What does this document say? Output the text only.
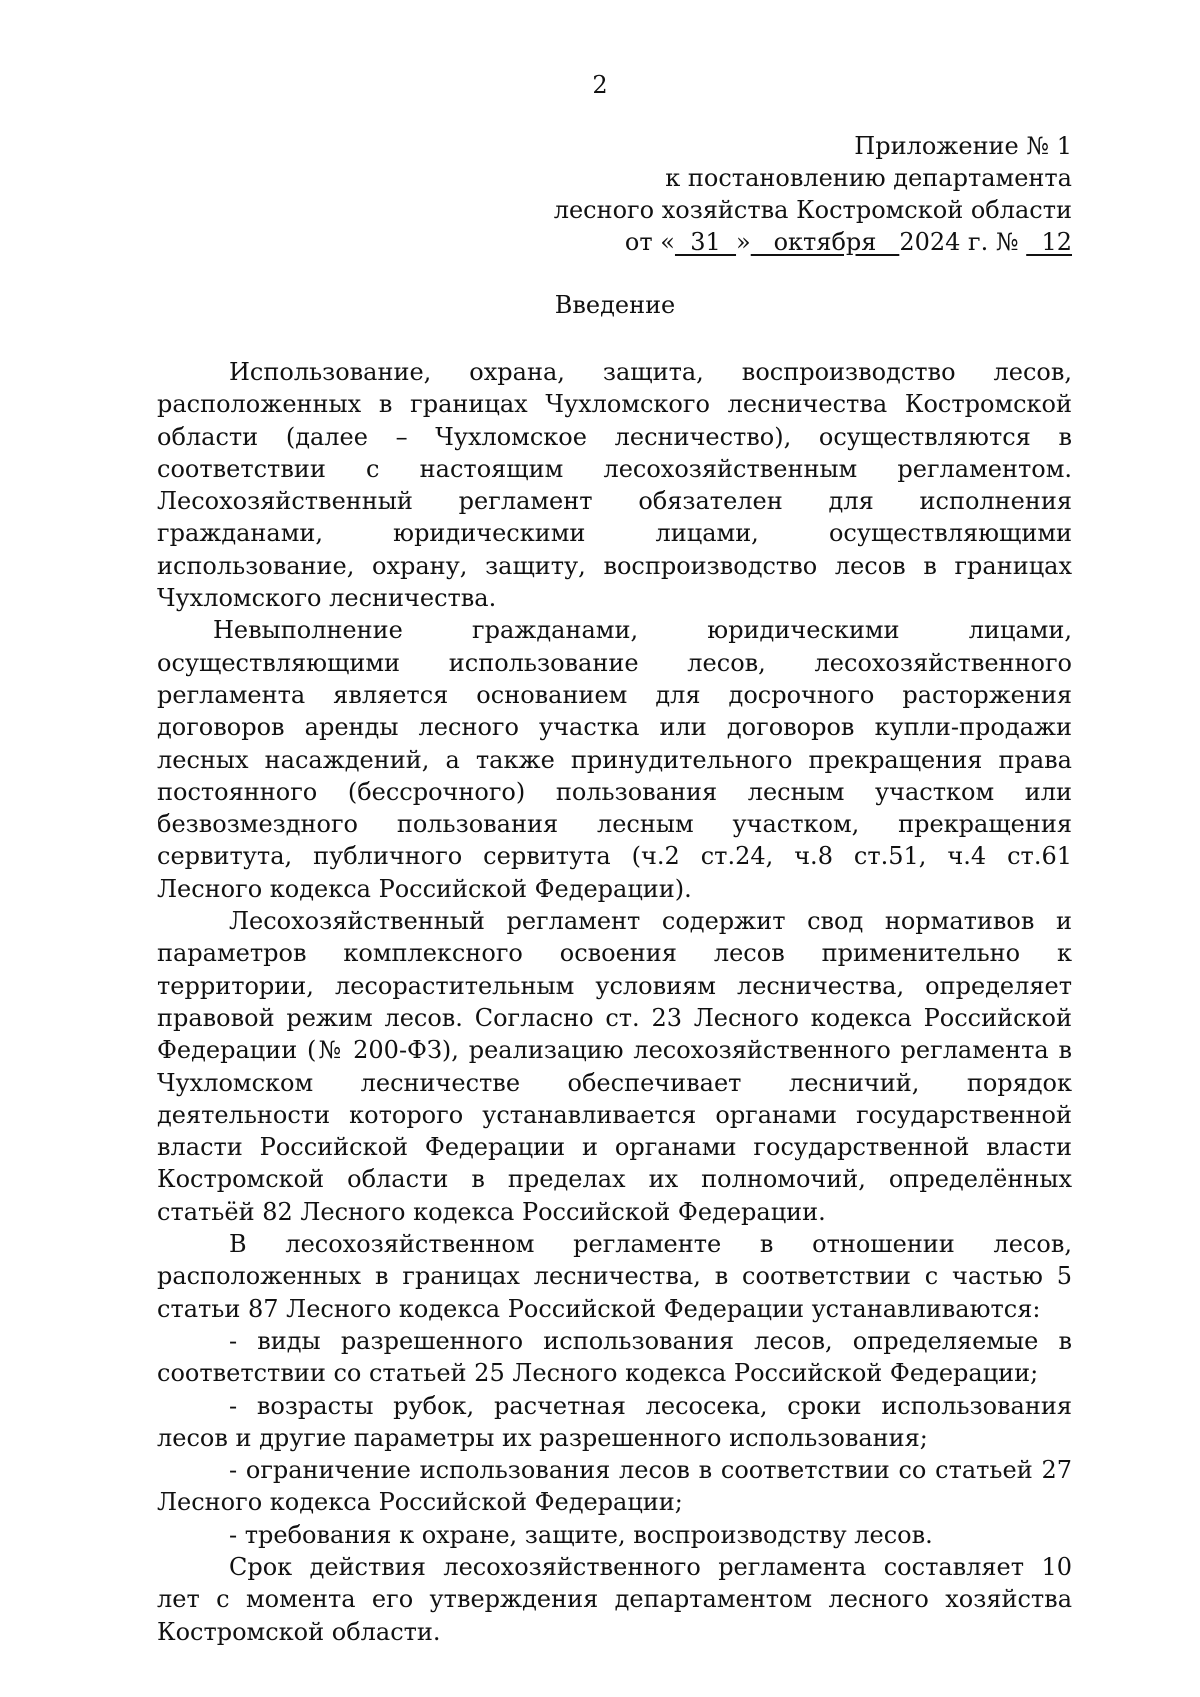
2
Приложение № 1
к постановлению департамента
лесного хозяйства Костромской области
от «  31  »   октября   2024 г. №   12
Введение

Использование, охрана, защита, воспроизводство лесов, расположенных в границах Чухломского лесничества Костромской области (далее – Чухломское лесничество), осуществляются в соответствии с настоящим лесохозяйственным регламентом. Лесохозяйственный регламент обязателен для исполнения гражданами, юридическими лицами, осуществляющими использование, охрану, защиту, воспроизводство лесов в границах Чухломского лесничества.

Невыполнение гражданами, юридическими лицами, осуществляющими использование лесов, лесохозяйственного регламента является основанием для досрочного расторжения договоров аренды лесного участка или договоров купли-продажи лесных насаждений, а также принудительного прекращения права постоянного (бессрочного) пользования лесным участком или безвозмездного пользования лесным участком, прекращения сервитута, публичного сервитута (ч.2 ст.24, ч.8 ст.51, ч.4 ст.61 Лесного кодекса Российской Федерации).

Лесохозяйственный регламент содержит свод нормативов и параметров комплексного освоения лесов применительно к территории, лесорастительным условиям лесничества, определяет правовой режим лесов. Согласно ст. 23 Лесного кодекса Российской Федерации (№ 200-ФЗ), реализацию лесохозяйственного регламента в Чухломском лесничестве обеспечивает лесничий, порядок деятельности которого устанавливается органами государственной власти Российской Федерации и органами государственной власти Костромской области в пределах их полномочий, определённых статьёй 82 Лесного кодекса Российской Федерации.

В лесохозяйственном регламенте в отношении лесов, расположенных в границах лесничества, в соответствии с частью 5 статьи 87 Лесного кодекса Российской Федерации устанавливаются:

- виды разрешенного использования лесов, определяемые в соответствии со статьей 25 Лесного кодекса Российской Федерации;

- возрасты рубок, расчетная лесосека, сроки использования лесов и другие параметры их разрешенного использования;

- ограничение использования лесов в соответствии со статьей 27 Лесного кодекса Российской Федерации;

- требования к охране, защите, воспроизводству лесов.

Срок действия лесохозяйственного регламента составляет 10 лет с момента его утверждения департаментом лесного хозяйства Костромской области.
